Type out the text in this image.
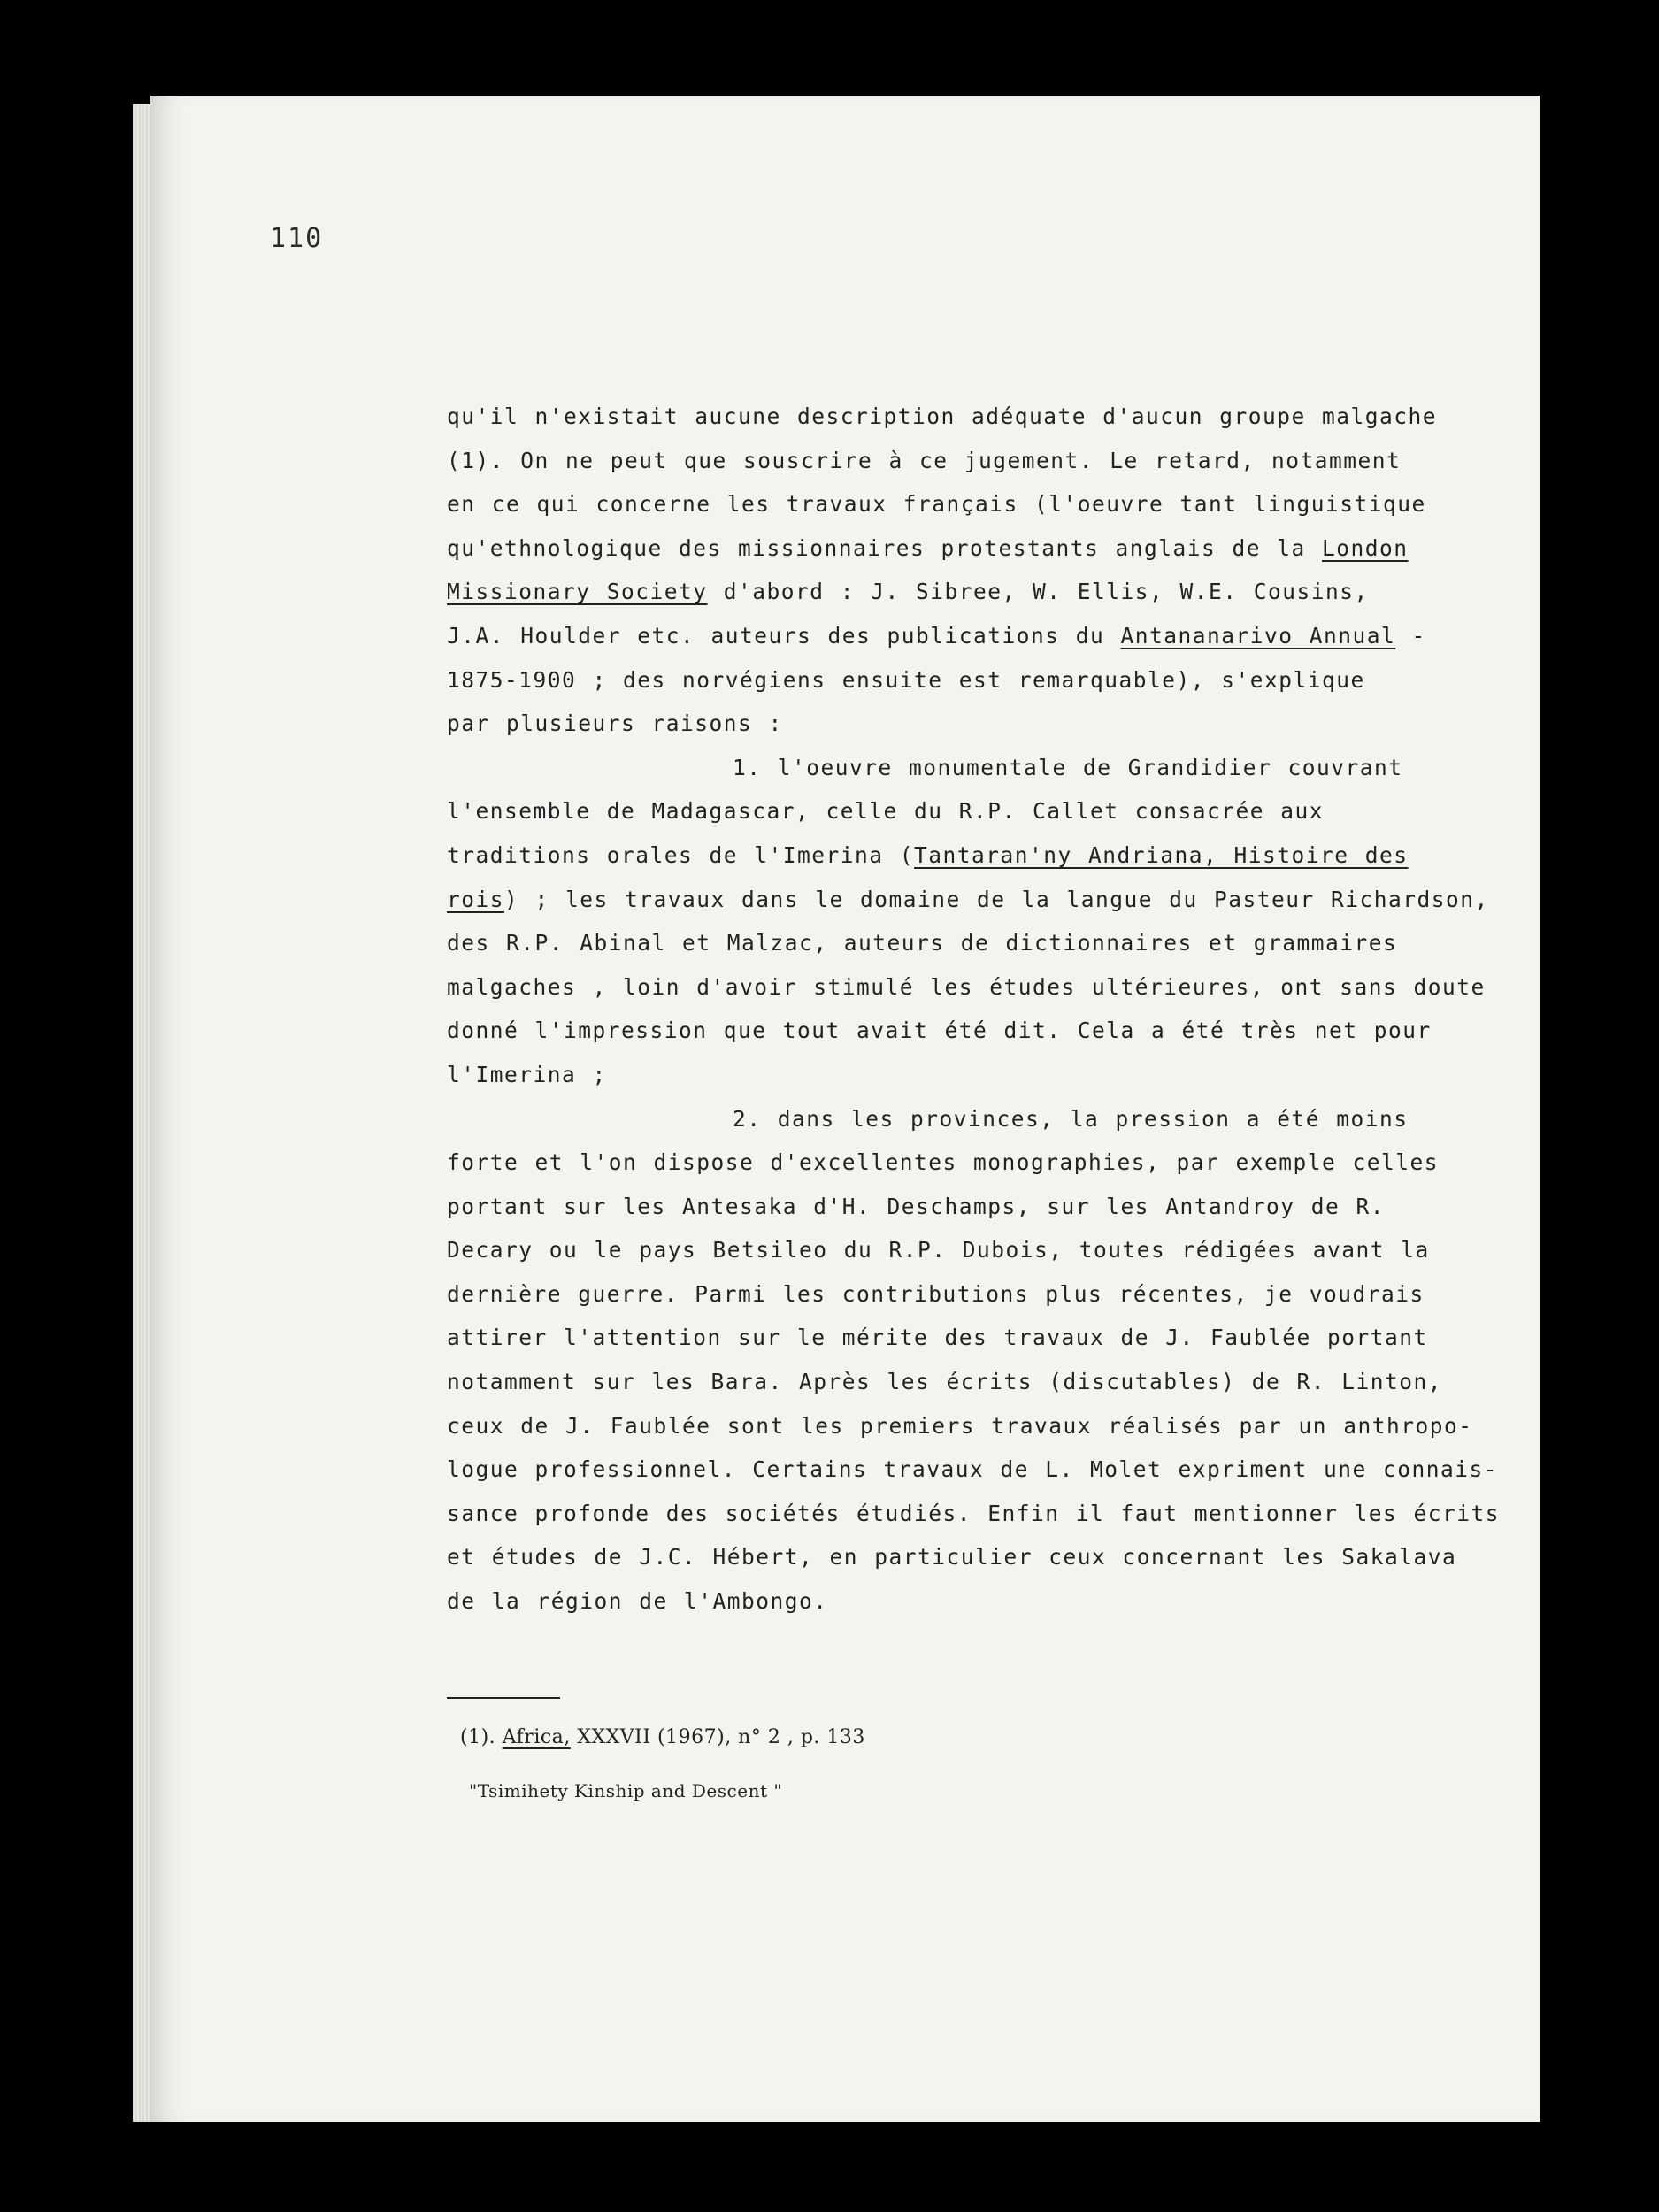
110
qu'il n'existait aucune description adéquate d'aucun groupe malgache
(1). On ne peut que souscrire à ce jugement. Le retard, notamment
en ce qui concerne les travaux français (l'oeuvre tant linguistique
qu'ethnologique des missionnaires protestants anglais de la London
Missionary Society d'abord : J. Sibree, W. Ellis, W.E. Cousins,
J.A. Houlder etc. auteurs des publications du Antananarivo Annual -
1875-1900 ; des norvégiens ensuite est remarquable), s'explique
par plusieurs raisons :
1. l'oeuvre monumentale de Grandidier couvrant
l'ensemble de Madagascar, celle du R.P. Callet consacrée aux
traditions orales de l'Imerina (Tantaran'ny Andriana, Histoire des
rois) ; les travaux dans le domaine de la langue du Pasteur Richardson,
des R.P. Abinal et Malzac, auteurs de dictionnaires et grammaires
malgaches , loin d'avoir stimulé les études ultérieures, ont sans doute
donné l'impression que tout avait été dit. Cela a été très net pour
l'Imerina ;
2. dans les provinces, la pression a été moins
forte et l'on dispose d'excellentes monographies, par exemple celles
portant sur les Antesaka d'H. Deschamps, sur les Antandroy de R.
Decary ou le pays Betsileo du R.P. Dubois, toutes rédigées avant la
dernière guerre. Parmi les contributions plus récentes, je voudrais
attirer l'attention sur le mérite des travaux de J. Faublée portant
notamment sur les Bara. Après les écrits (discutables) de R. Linton,
ceux de J. Faublée sont les premiers travaux réalisés par un anthropo-
logue professionnel. Certains travaux de L. Molet expriment une connais-
sance profonde des sociétés étudiés. Enfin il faut mentionner les écrits
et études de J.C. Hébert, en particulier ceux concernant les Sakalava
de la région de l'Ambongo.
(1). Africa, XXXVII (1967), n° 2 , p. 133
"Tsimihety Kinship and Descent "
